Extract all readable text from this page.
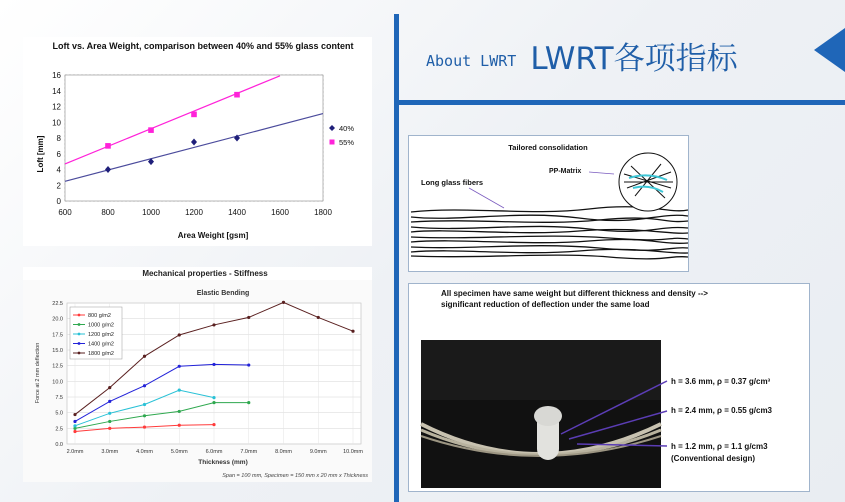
About LWRT LWRT各项指标
Loft vs. Area Weight, comparison between 40% and 55% glass content
0
2
4
6
8
10
12
14
16
600	800	1000	1200	1400	1600	1800
Area Weight [gsm]
Loft [mm]
40%
55%
Mechanical properties - Stiffness
Elastic Bending
0.0
2.5
5.0
7.5
10.0
12.5
15.0
17.5
20.0
22.5
2.0mm	3.0mm	4.0mm	5.0mm	6.0mm	7.0mm	8.0mm	9.0mm	10.0mm
Thickness (mm)
Force at 2 mm deflection
800 g/m2
1000 g/m2
1200 g/m2
1400 g/m2
1800 g/m2
Span = 100 mm, Specimen = 150 mm x 20 mm x Thickness
Tailored consolidation
Long glass fibers
PP-Matrix
All specimen have same weight but different thickness and density --> significant reduction of deflection under the same load
h = 3.6 mm, ρ = 0.37 g/cm³
h = 2.4 mm, ρ = 0.55 g/cm3
h = 1.2 mm, ρ = 1.1 g/cm3
(Conventional design)
